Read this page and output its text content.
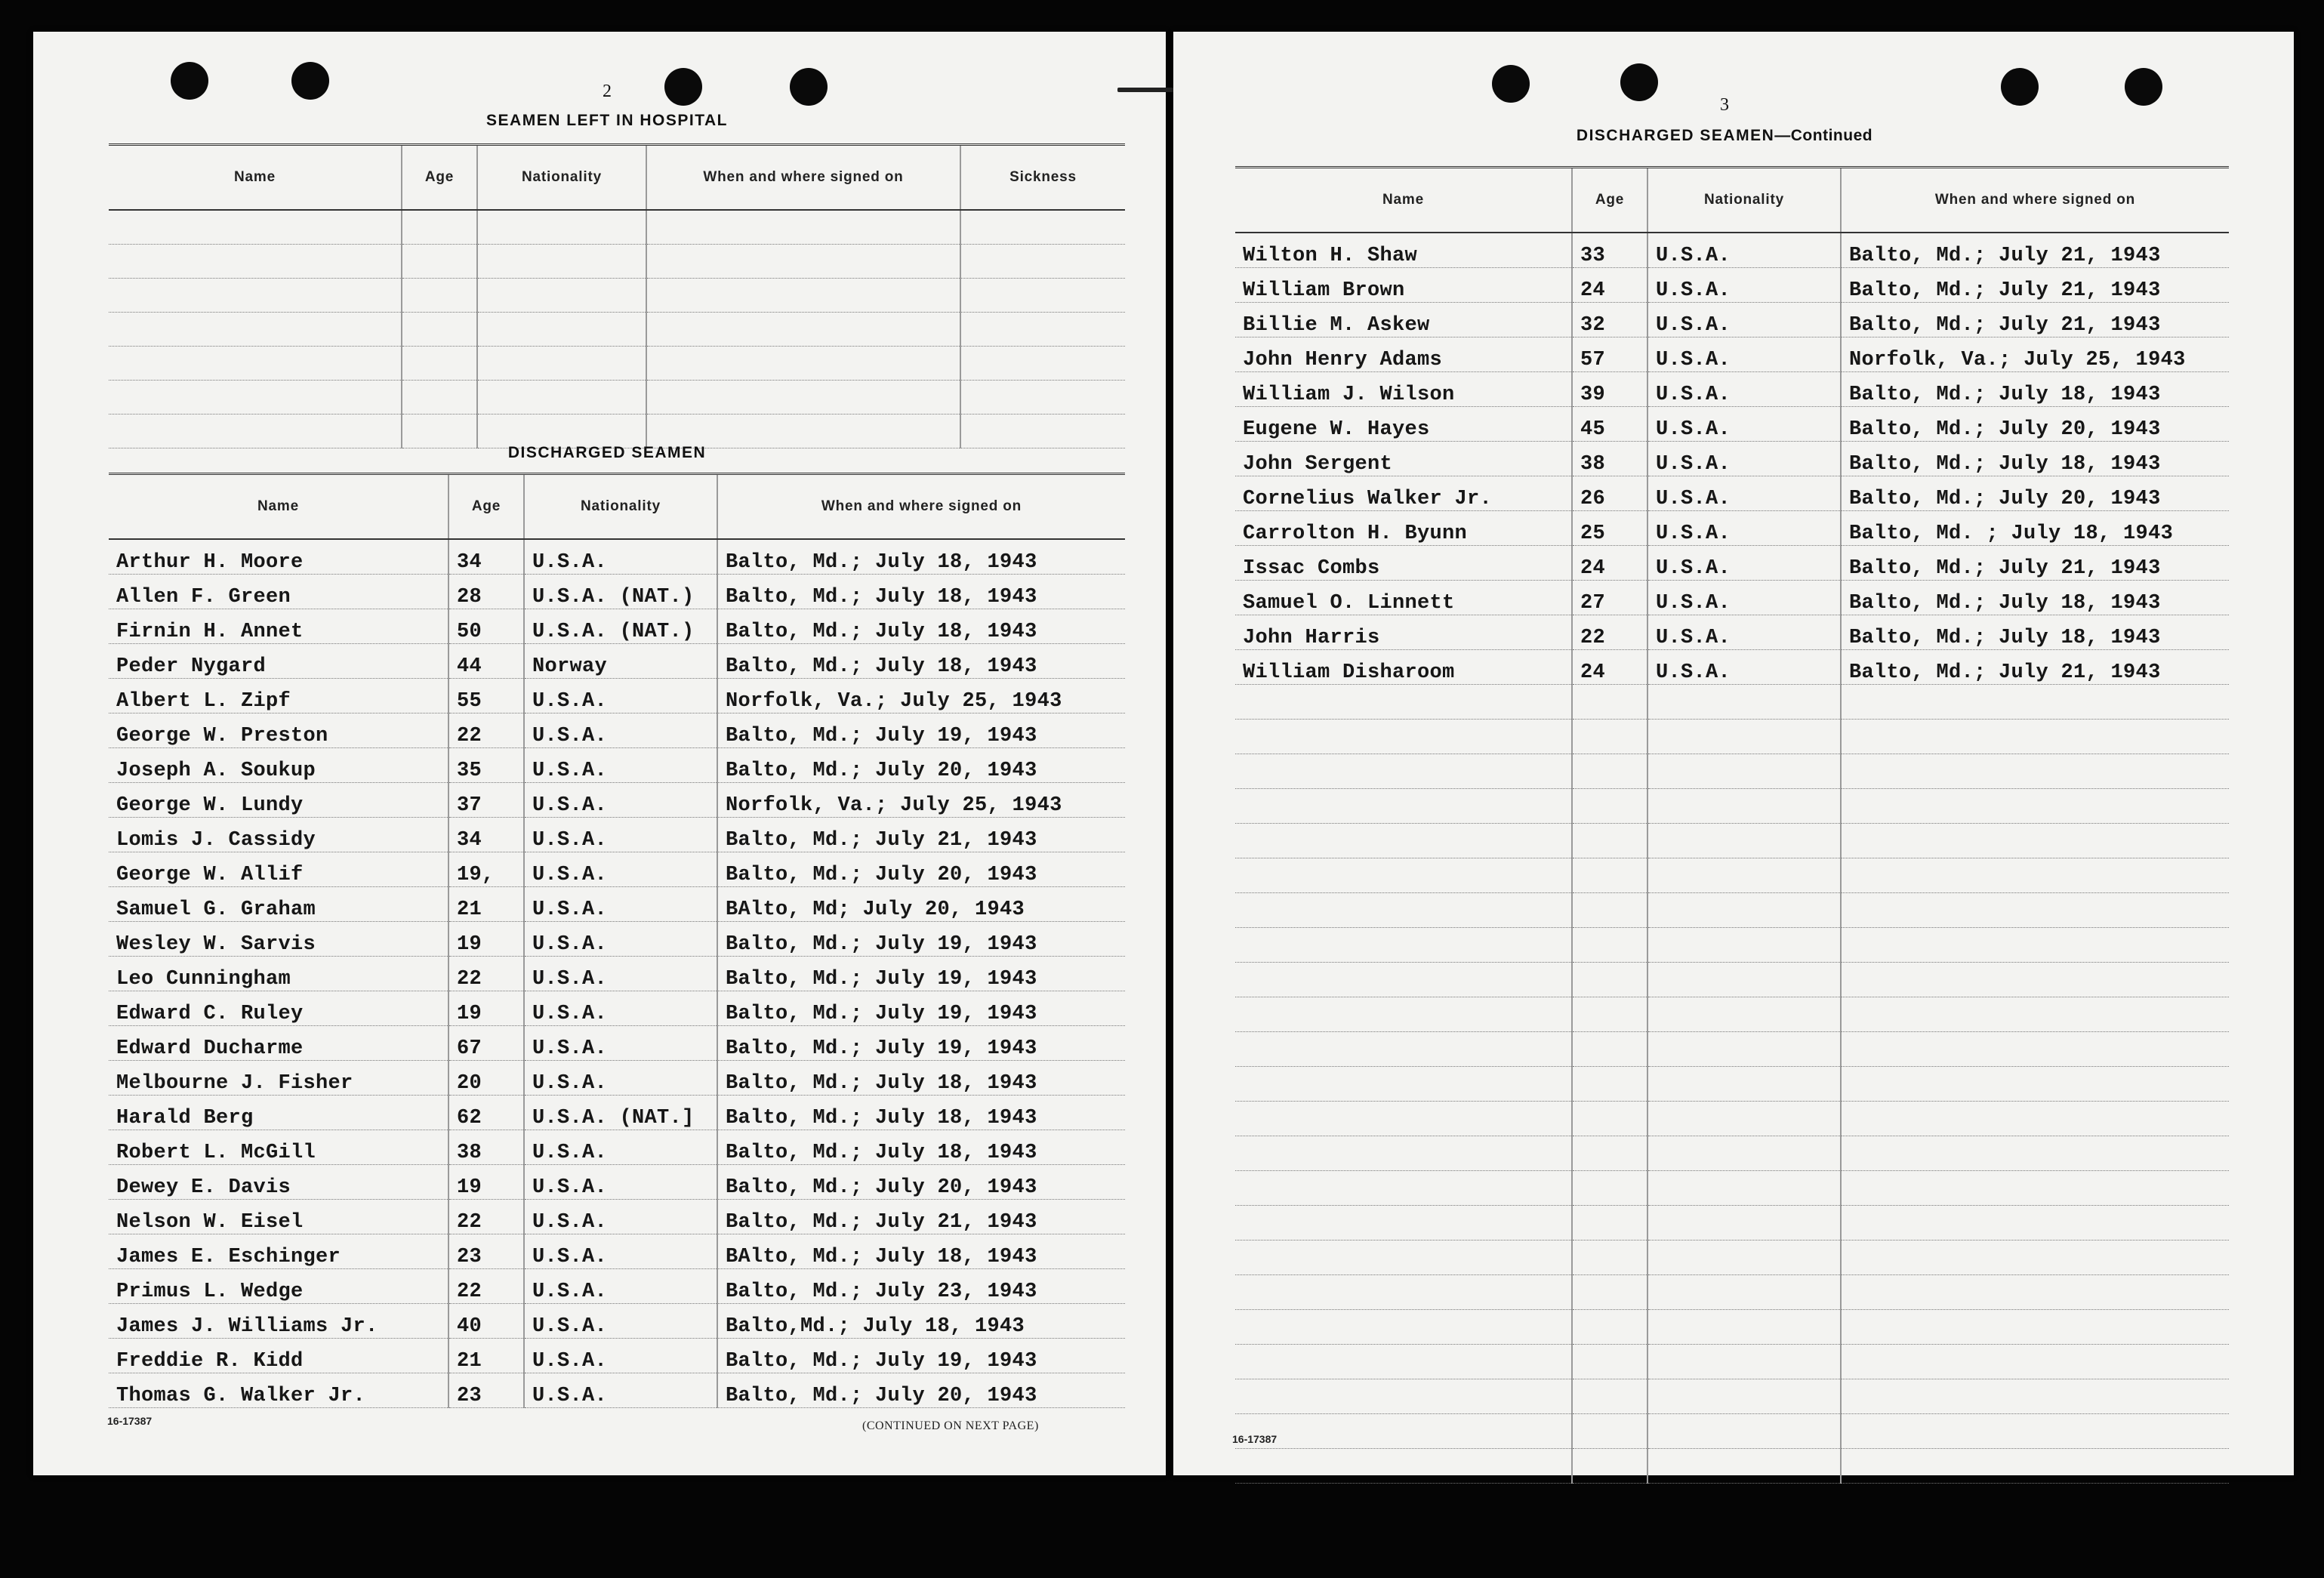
2
SEAMEN LEFT IN HOSPITAL

Name	Age	Nationality	When and where signed on	Sickness

DISCHARGED SEAMEN

Name	Age	Nationality	When and where signed on
Arthur H. Moore	34	U.S.A.	Balto, Md.; July 18, 1943
Allen F. Green	28	U.S.A. (NAT.)	Balto, Md.; July 18, 1943
Firnin H. Annet	50	U.S.A. (NAT.)	Balto, Md.; July 18, 1943
Peder Nygard	44	Norway	Balto, Md.; July 18, 1943
Albert L. Zipf	55	U.S.A.	Norfolk, Va.; July 25, 1943
George W. Preston	22	U.S.A.	Balto, Md.; July 19, 1943
Joseph A. Soukup	35	U.S.A.	Balto, Md.; July 20, 1943
George W. Lundy	37	U.S.A.	Norfolk, Va.; July 25, 1943
Lomis J. Cassidy	34	U.S.A.	Balto, Md.; July 21, 1943
George W. Allif	19,	U.S.A.	Balto, Md.; July 20, 1943
Samuel G. Graham	21	U.S.A.	BAlto, Md; July 20, 1943
Wesley W. Sarvis	19	U.S.A.	Balto, Md.; July 19, 1943
Leo Cunningham	22	U.S.A.	Balto, Md.; July 19, 1943
Edward C. Ruley	19	U.S.A.	Balto, Md.; July 19, 1943
Edward Ducharme	67	U.S.A.	Balto, Md.; July 19, 1943
Melbourne J. Fisher	20	U.S.A.	Balto, Md.; July 18, 1943
Harald Berg	62	U.S.A. (NAT.]	Balto, Md.; July 18, 1943
Robert L. McGill	38	U.S.A.	Balto, Md.; July 18, 1943
Dewey E. Davis	19	U.S.A.	Balto, Md.; July 20, 1943
Nelson W. Eisel	22	U.S.A.	Balto, Md.; July 21, 1943
James E. Eschinger	23	U.S.A.	BAlto, Md.; July 18, 1943
Primus L. Wedge	22	U.S.A.	Balto, Md.; July 23, 1943
James J. Williams Jr.	40	U.S.A.	Balto,Md.; July 18, 1943
Freddie R. Kidd	21	U.S.A.	Balto, Md.; July 19, 1943
Thomas G. Walker Jr.	23	U.S.A.	Balto, Md.; July 20, 1943
16-17387	(CONTINUED ON NEXT PAGE)
3
DISCHARGED SEAMEN—Continued

Name	Age	Nationality	When and where signed on
Wilton H. Shaw	33	U.S.A.	Balto, Md.; July 21, 1943
William Brown	24	U.S.A.	Balto, Md.; July 21, 1943
Billie M. Askew	32	U.S.A.	Balto, Md.; July 21, 1943
John Henry Adams	57	U.S.A.	Norfolk, Va.; July 25, 1943
William J. Wilson	39	U.S.A.	Balto, Md.; July 18, 1943
Eugene W. Hayes	45	U.S.A.	Balto, Md.; July 20, 1943
John Sergent	38	U.S.A.	Balto, Md.; July 18, 1943
Cornelius Walker Jr.	26	U.S.A.	Balto, Md.; July 20, 1943
Carrolton H. Byunn	25	U.S.A.	Balto, Md. ; July 18, 1943
Issac Combs	24	U.S.A.	Balto, Md.; July 21, 1943
Samuel O. Linnett	27	U.S.A.	Balto, Md.; July 18, 1943
John Harris	22	U.S.A.	Balto, Md.; July 18, 1943
William Disharoom	24	U.S.A.	Balto, Md.; July 21, 1943

16-17387
